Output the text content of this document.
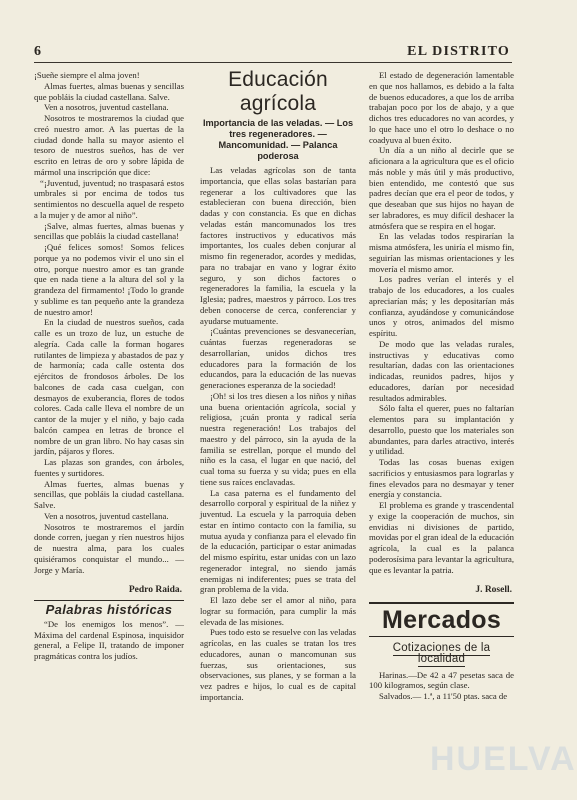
6	EL DISTRITO

¡Sueñe siempre el alma joven!

Almas fuertes, almas buenas y sencillas que pobláis la ciudad castellana. Salve.

Ven a nosotros, juventud castellana.

Nosotros te mostraremos la ciudad que creó nuestro amor. A las puertas de la ciudad donde halla su mayor asiento el tesoro de nuestros sueños, has de ver escrito en letras de oro y sobre lápida de mármol una inscripción que dice:

“¡Juventud, juventud; no traspasará estos umbrales si por encima de todos tus sentimientos no descuella aquel de respeto a la mujer y de amor al niño”.

¡Salve, almas fuertes, almas buenas y sencillas que pobláis la ciudad castellana!

¡Qué felices somos! Somos felices porque ya no podemos vivir el uno sin el otro, porque nuestro amor es tan grande que en nada tiene a la altura del sol y la grandeza del firmamento! ¡Todo lo grande y sublime es tan pequeño ante la grandeza de nuestro amor!

En la ciudad de nuestros sueños, cada calle es un trozo de luz, un estuche de alegría. Cada calle la forman hogares rutilantes de limpieza y abastados de paz y de harmonía; cada calle ostenta dos ejércitos de frondosos árboles. De los balcones de cada casa cuelgan, con desmayos de exuberancia, flores de todos colores. Cada calle lleva el nombre de un cantor de la mujer y el niño, y bajo cada balcón campea en letras de bronce el nombre de un gran libro. No hay casas sin jardín, pájaros y flores.

Las plazas son grandes, con árboles, fuentes y surtidores.

Almas fuertes, almas buenas y sencillas, que pobláis la ciudad castellana. Salve.

Ven a nosotros, juventud castellana.

Nosotros te mostraremos el jardín donde corren, juegan y ríen nuestros hijos de nuestra alma, para los cuales quisiéramos conquistar el mundo... — Jorge y María.

Pedro Raida.
Palabras históricas

“De los enemigos los menos”. —Máxima del cardenal Espinosa, inquisidor general, a Felipe II, tratando de imponer pragmáticas contra los judíos.

Educación agrícola
Importancia de las veladas. — Los tres regeneradores. —Mancomunidad. — Palanca poderosa

Las veladas agrícolas son de tanta importancia, que ellas solas bastarían para regenerar a los cultivadores que las establecieran con buena dirección, bien dadas y con constancia. Es que en dichas veladas están mancomunados los tres factores instructivos y educativos más importantes, los cuales deben conjurar al mismo fin regenerador, acordes y medidas, para no trabajar en vano y lograr éxito seguro, y son dichos factores o regeneradores la familia, la escuela y la Iglesia; padres, maestros y párroco. Los tres deben conocerse de cerca, conferenciar y ayudarse mutuamente.

¡Cuántas prevenciones se desvanecerían, cuántas fuerzas regeneradoras se desarrollarían, unidos dichos tres educadores para la formación de los educandos, para la educación de las nuevas generaciones esperanza de la sociedad!

¡Oh! si los tres diesen a los niños y niñas una buena orientación agrícola, social y religiosa, ¡cuán pronta y radical sería nuestra regeneración! Los trabajos del maestro y del párroco, sin la ayuda de la familia se estrellan, porque el mundo del niño es la casa, el lugar en que nació, del cual toma su fuerza y su vida; pues en ella tiene sus raíces enclavadas.

La casa paterna es el fundamento del desarrollo corporal y espiritual de la niñez y juventud. La escuela y la parroquia deben estar en íntimo contacto con la familia, su mutua ayuda y confianza para el elevado fin de la educación, participar o estar animadas del mismo espíritu, estar unidas con un lazo regenerador integral, no siendo jamás enemigas ni indiferentes; pues se trata del gran problema de la vida.

El lazo debe ser el amor al niño, para lograr su formación, para cumplir la más elevada de las misiones.

Pues todo esto se resuelve con las veladas agrícolas, en las cuales se tratan los tres educadores, aunan o mancomunan sus fuerzas, sus orientaciones, sus observaciones, sus planes, y se forman a la vez padres e hijos, lo cual es de capital importancia.

El estado de degeneración lamentable en que nos hallamos, es debido a la falta de buenos educadores, a que los de arriba trabajan poco por los de abajo, y a que dichos tres educadores no van acordes, y lo que hace uno el otro lo deshace o no coadyuva al buen éxito.

Un día a un niño al decirle que se aficionara a la agricultura que es el oficio más noble y más útil y más productivo, bien entendido, me contestó que sus padres decían que era el peor de todos, y que deseaban que sus hijos no hayan de ser labradores, es muy difícil deshacer la atmósfera que se respira en el hogar.

En las veladas todos respirarían la misma atmósfera, les uniría el mismo fin, seguirían las mismas orientaciones y les movería el mismo amor.

Los padres verían el interés y el trabajo de los educadores, a los cuales apreciarían más; y les depositarían más confianza, ayudándose y comunicándose unos y otros, animados del mismo espíritu.

De modo que las veladas rurales, instructivas y educativas como resultarían, dadas con las orientaciones indicadas, reunidos padres, hijos y educadores, darían por necesidad resultados admirables.

Sólo falta el querer, pues no faltarían elementos para su implantación y desarrollo, puesto que los materiales son abundantes, para darles atractivo, interés y utilidad.

Todas las cosas buenas exigen sacrificios y entusiasmos para lograrlas y fines elevados para no desmayar y tener energía y constancia.

El problema es grande y trascendental y exige la cooperación de muchos, sin envidias ni divisiones de partido, movidas por el gran ideal de la educación agrícola, la cual es la palanca poderosísima para levantar la agricultura, que es levantar la patria.

J. Rosell.
Mercados
Cotizaciones de la localidad

Harinas.—De 42 a 47 pesetas saca de 100 kilogramos, según clase.

Salvados.— 1.ª, a 11'50 ptas. saca de

HUELVA
